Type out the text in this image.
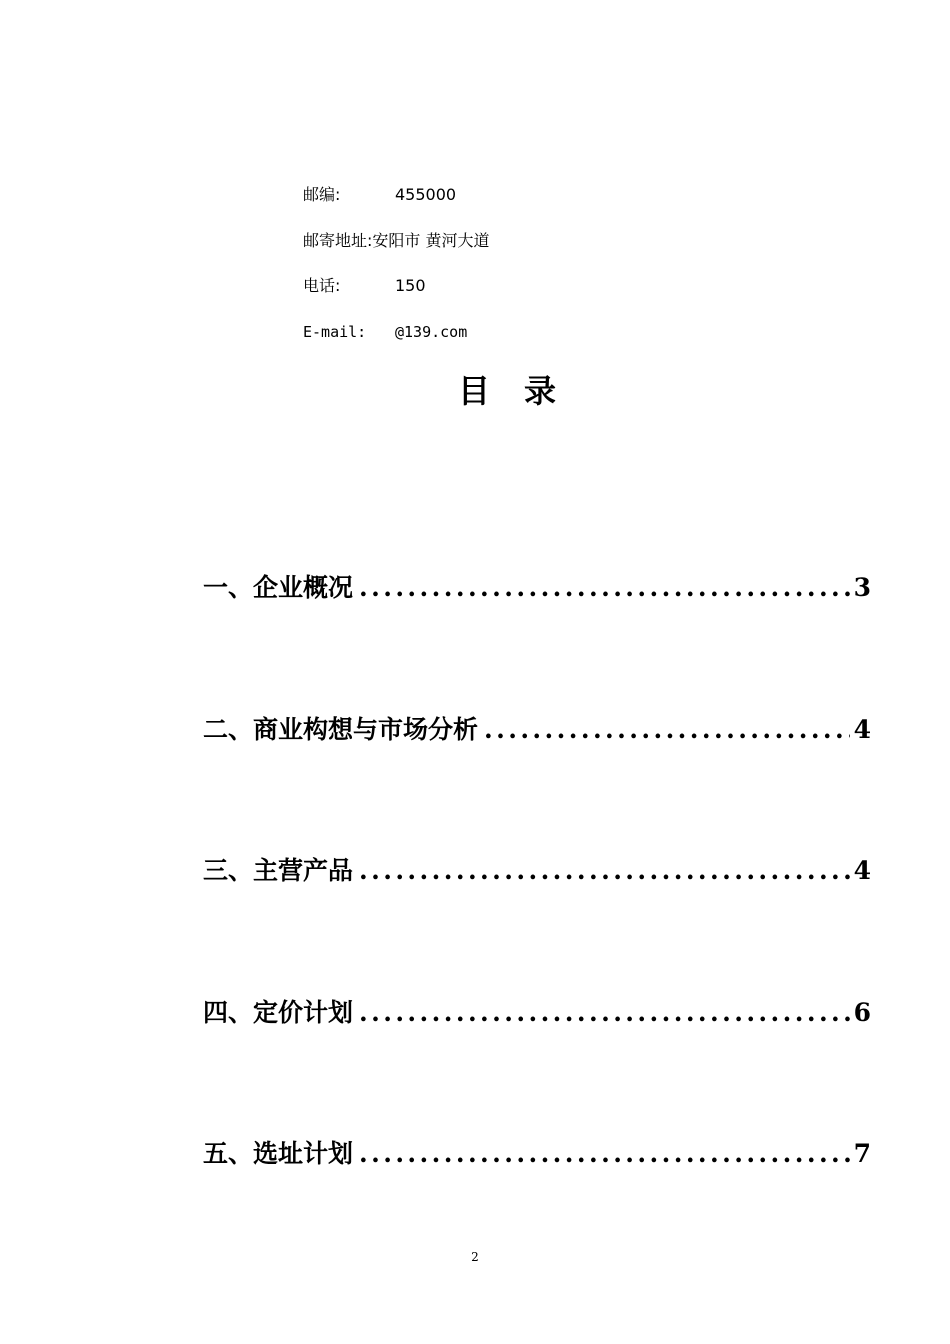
邮编:	455000
邮寄地址:安阳市 黄河大道
电话:	150
E-mail: @139.com
目录
一、企业概况 .....	3
二、商业构想与市场分析 .....	4
三、主营产品 .....	4
四、定价计划 .....	6
五、选址计划 .....	7
2
